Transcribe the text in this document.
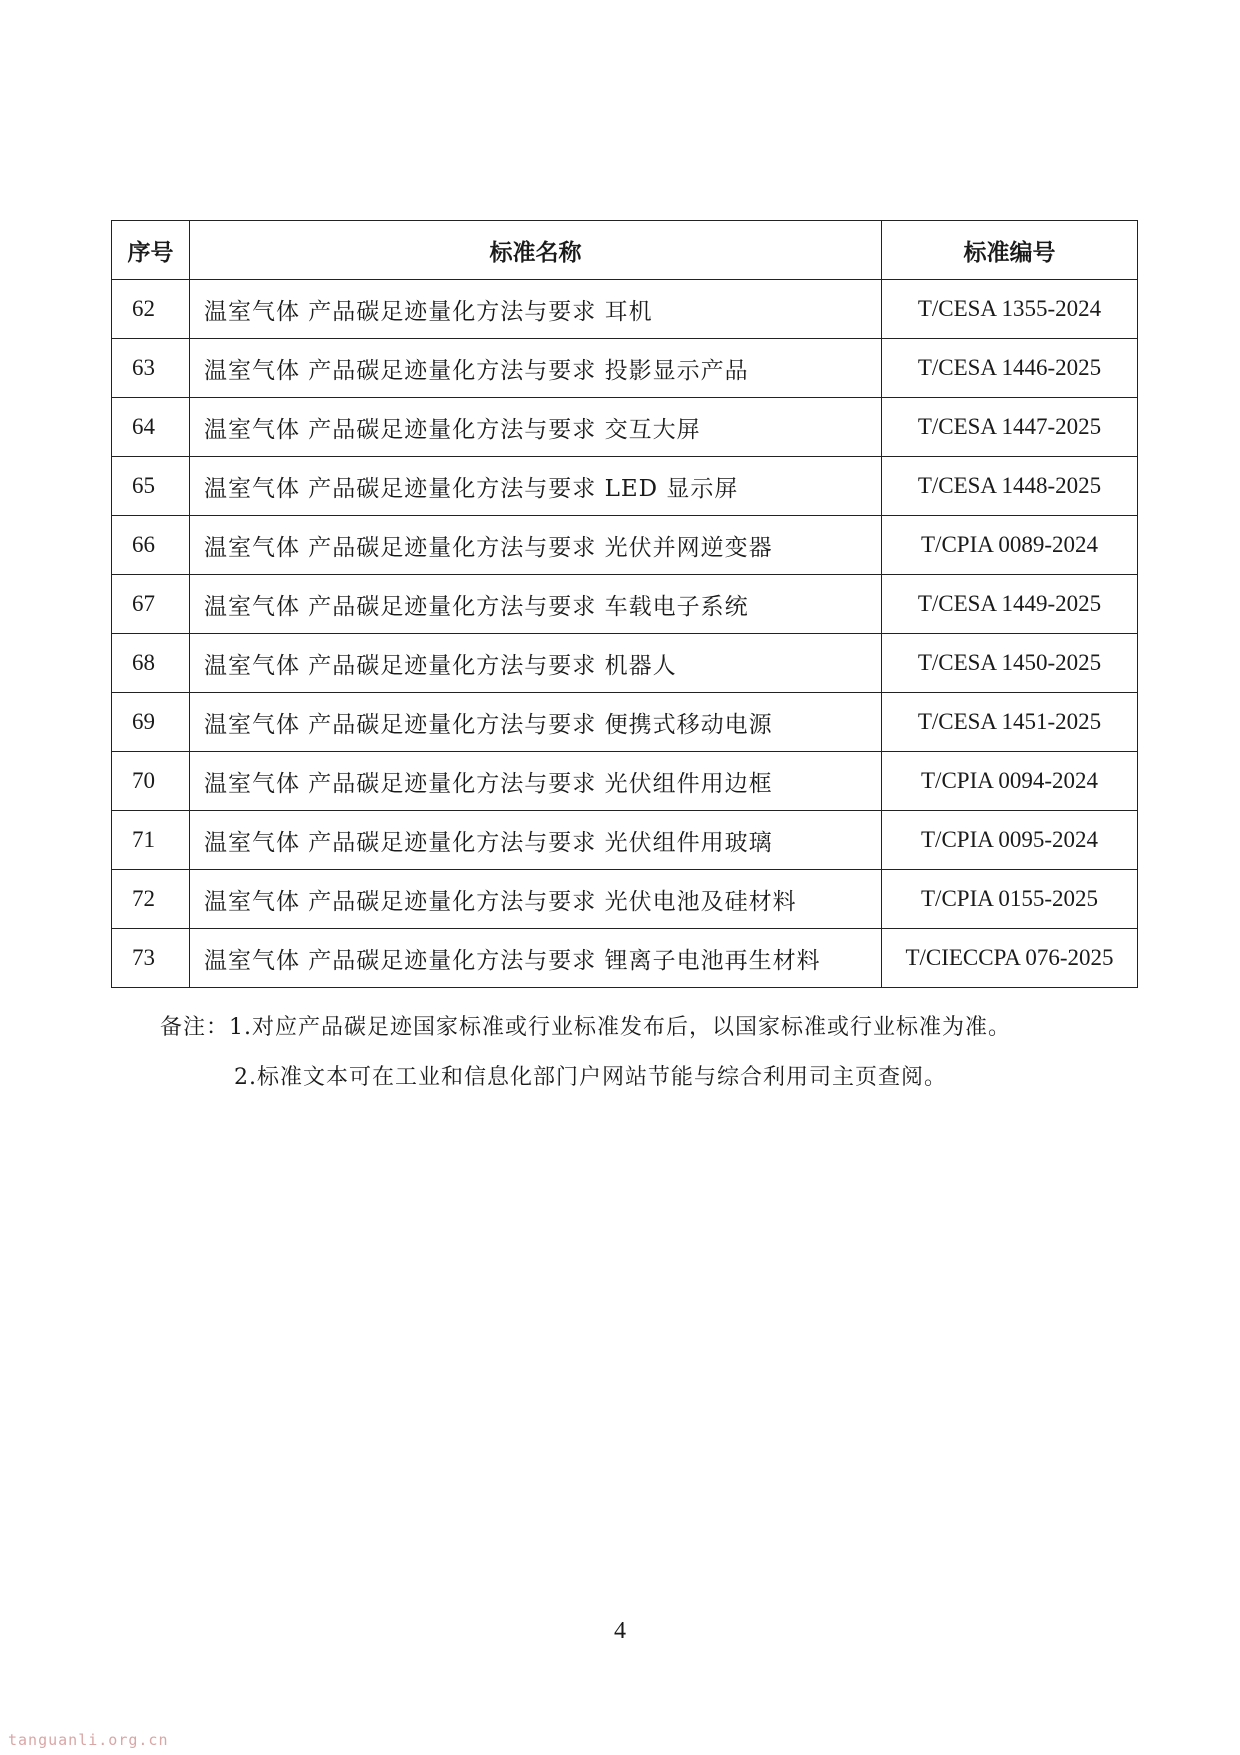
序号	标准名称	标准编号
62	温室气体 产品碳足迹量化方法与要求 耳机	T/CESA 1355-2024
63	温室气体 产品碳足迹量化方法与要求 投影显示产品	T/CESA 1446-2025
64	温室气体 产品碳足迹量化方法与要求 交互大屏	T/CESA 1447-2025
65	温室气体 产品碳足迹量化方法与要求 LED 显示屏	T/CESA 1448-2025
66	温室气体 产品碳足迹量化方法与要求 光伏并网逆变器	T/CPIA 0089-2024
67	温室气体 产品碳足迹量化方法与要求 车载电子系统	T/CESA 1449-2025
68	温室气体 产品碳足迹量化方法与要求 机器人	T/CESA 1450-2025
69	温室气体 产品碳足迹量化方法与要求 便携式移动电源	T/CESA 1451-2025
70	温室气体 产品碳足迹量化方法与要求 光伏组件用边框	T/CPIA 0094-2024
71	温室气体 产品碳足迹量化方法与要求 光伏组件用玻璃	T/CPIA 0095-2024
72	温室气体 产品碳足迹量化方法与要求 光伏电池及硅材料	T/CPIA 0155-2025
73	温室气体 产品碳足迹量化方法与要求 锂离子电池再生材料	T/CIECCPA 076-2025
备注：1.对应产品碳足迹国家标准或行业标准发布后，以国家标准或行业标准为准。
2.标准文本可在工业和信息化部门户网站节能与综合利用司主页查阅。
4
tanguanli.org.cn
